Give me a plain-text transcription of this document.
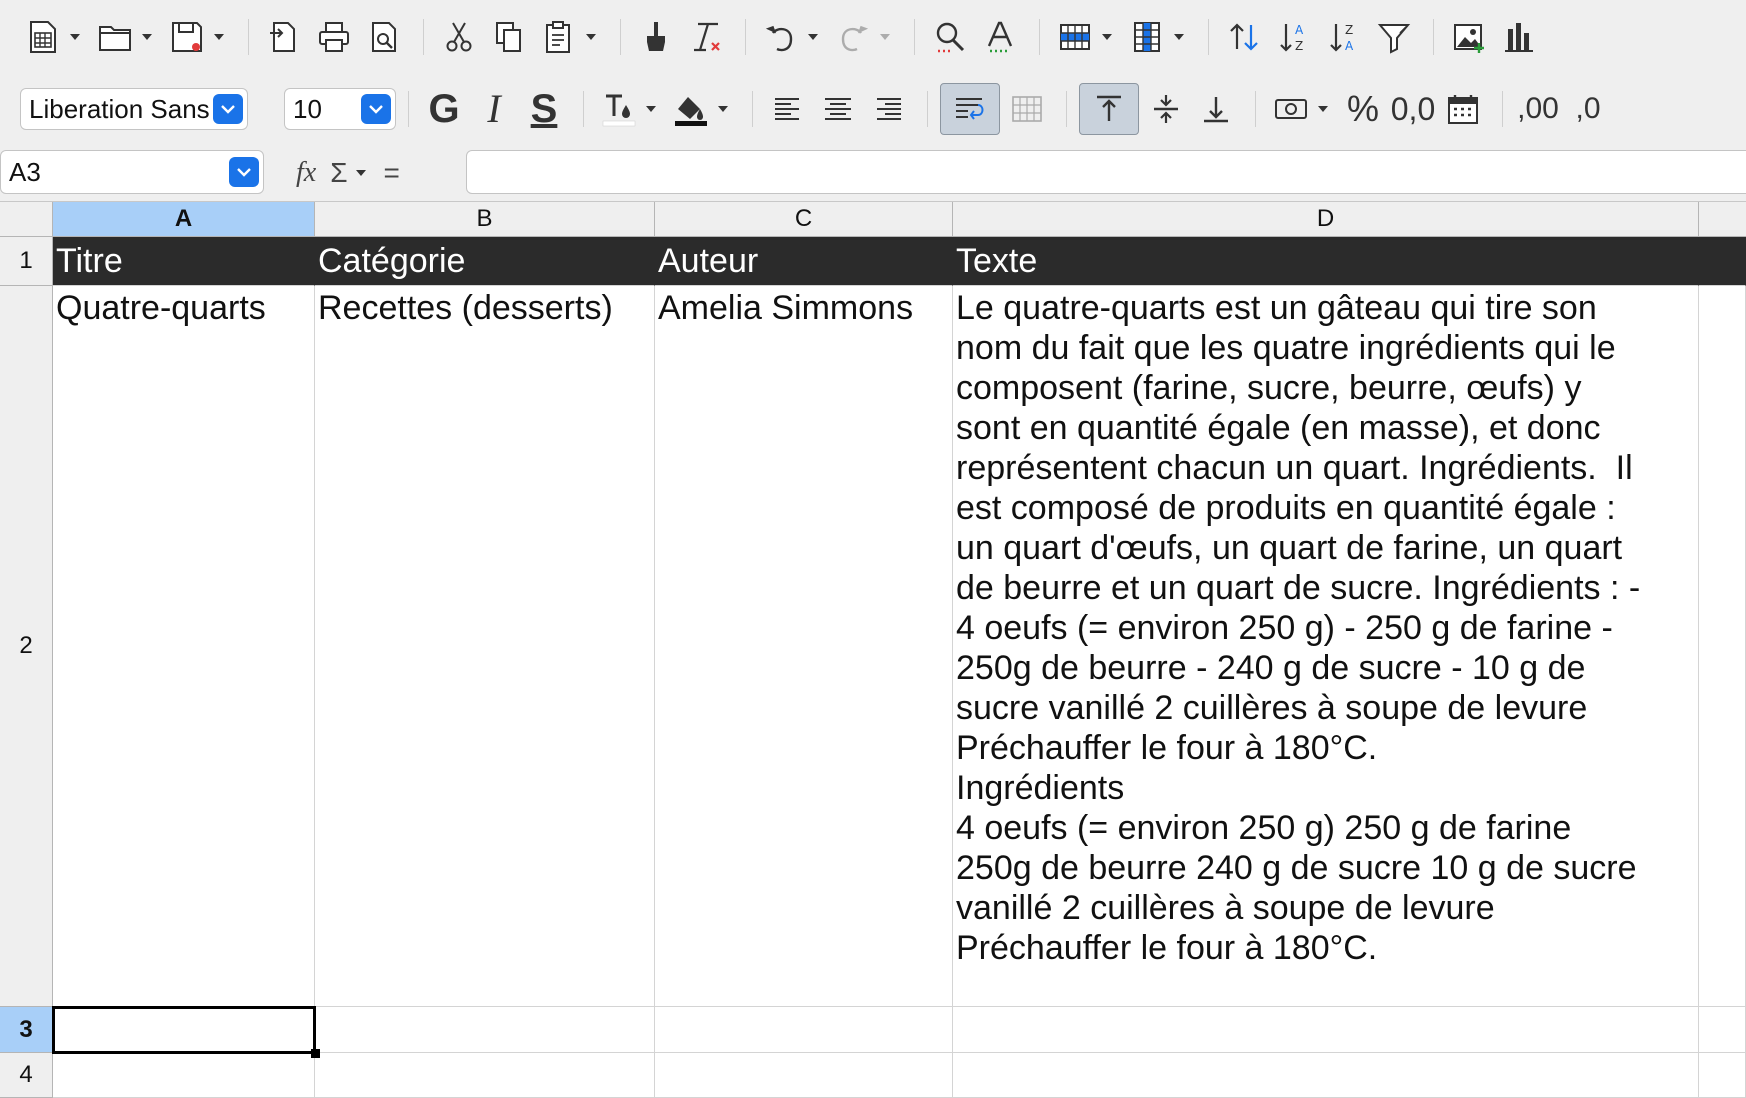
A
Z
Z
A
Liberation Sans	10	G I S	% 0,0	,00 ,0
A3	fx Σ =
A	B	C	D
1
2
3
4
Titre	Catégorie	Auteur	Texte
Quatre-quarts	Recettes (desserts)	Amelia Simmons	Le quatre-quarts est un gâteau qui tire son
nom du fait que les quatre ingrédients qui le
composent (farine, sucre, beurre, œufs) y
sont en quantité égale (en masse), et donc
représentent chacun un quart. Ingrédients.  Il
est composé de produits en quantité égale :
un quart d'œufs, un quart de farine, un quart
de beurre et un quart de sucre. Ingrédients : -
4 oeufs (= environ 250 g) - 250 g de farine -
250g de beurre - 240 g de sucre - 10 g de
sucre vanillé 2 cuillères à soupe de levure
Préchauffer le four à 180°C.
Ingrédients
4 oeufs (= environ 250 g) 250 g de farine
250g de beurre 240 g de sucre 10 g de sucre
vanillé 2 cuillères à soupe de levure
Préchauffer le four à 180°C.
